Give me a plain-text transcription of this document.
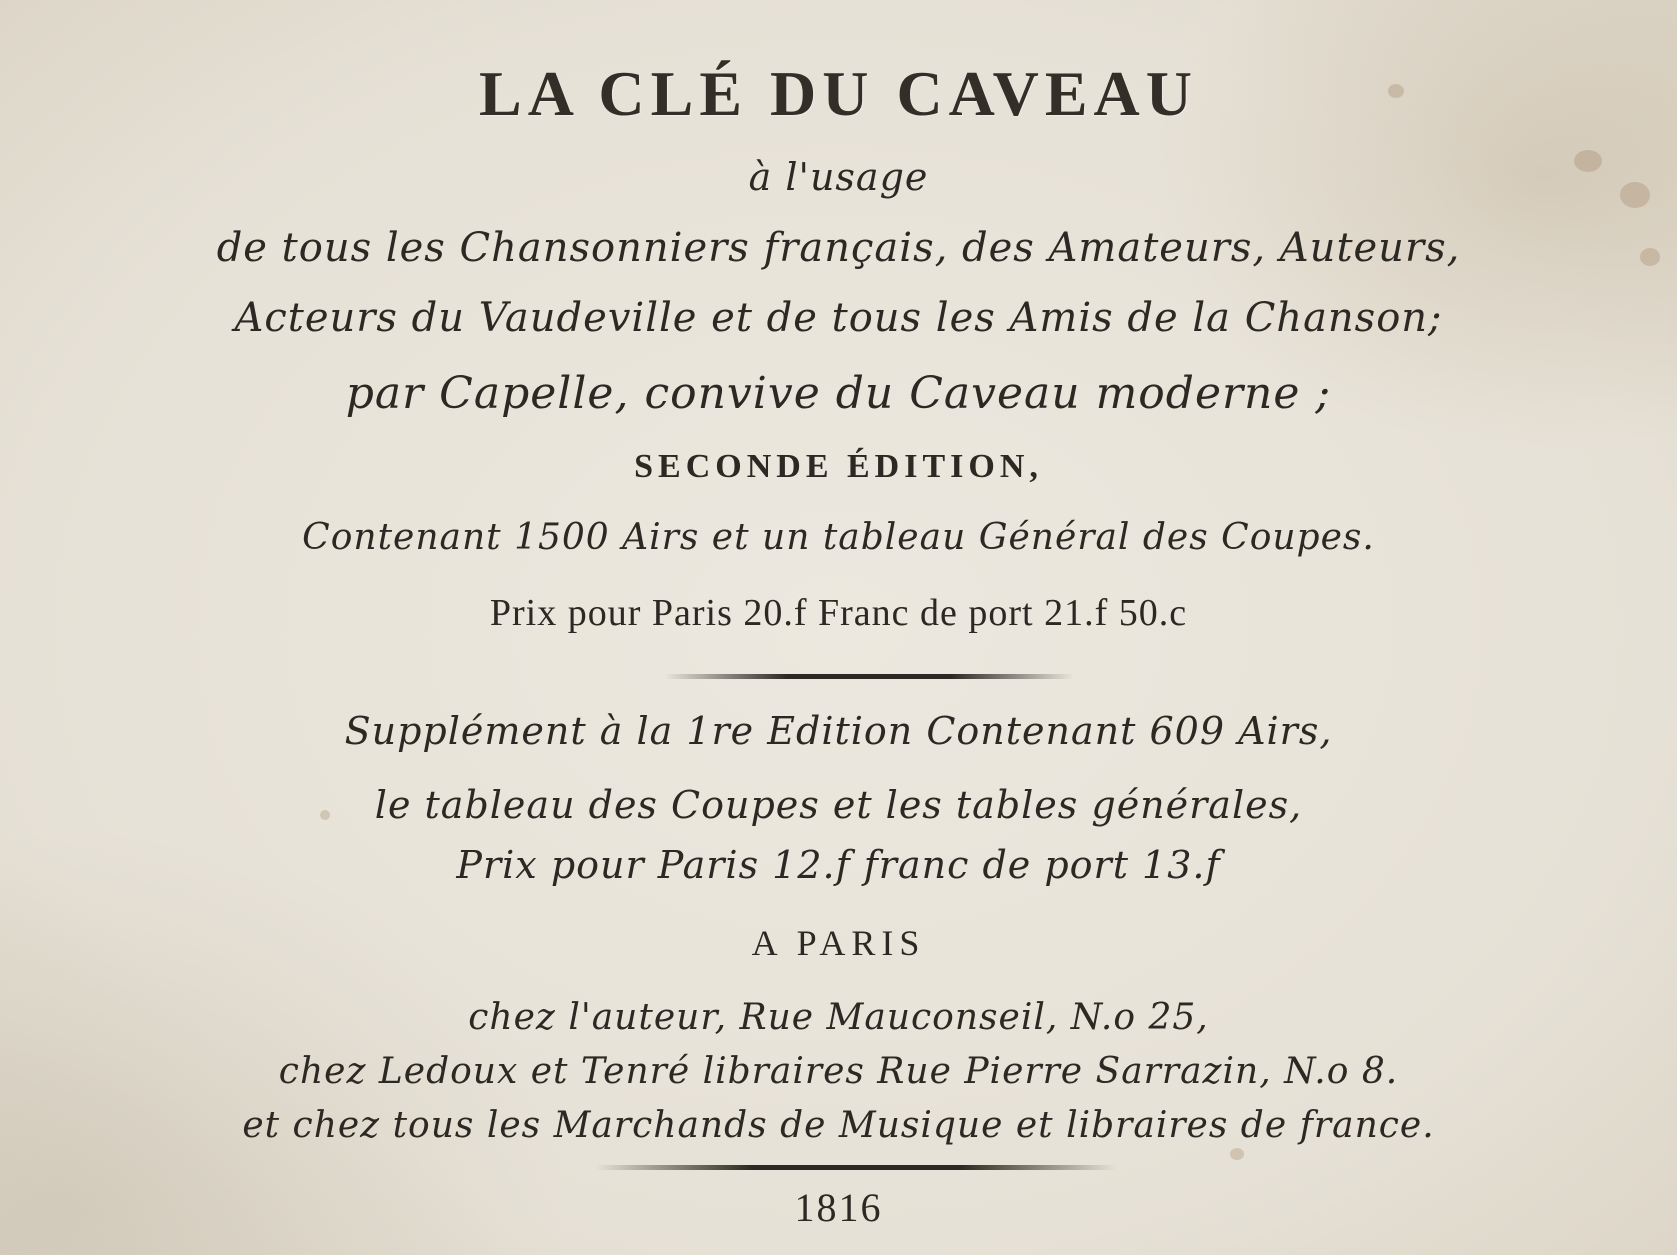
LA CLÉ DU CAVEAU
à l'usage
de tous les Chansonniers français, des Amateurs, Auteurs,
Acteurs du Vaudeville et de tous les Amis de la Chanson;
par Capelle, convive du Caveau moderne ;
SECONDE ÉDITION,
Contenant 1500 Airs et un tableau Général des Coupes.
Prix pour Paris 20.f Franc de port 21.f 50.c
Supplément à la 1re Edition Contenant 609 Airs,
le tableau des Coupes et les tables générales,
Prix pour Paris 12.f franc de port 13.f
A PARIS
chez l'auteur, Rue Mauconseil, N.o 25,
chez Ledoux et Tenré libraires Rue Pierre Sarrazin, N.o 8.
et chez tous les Marchands de Musique et libraires de france.
1816
